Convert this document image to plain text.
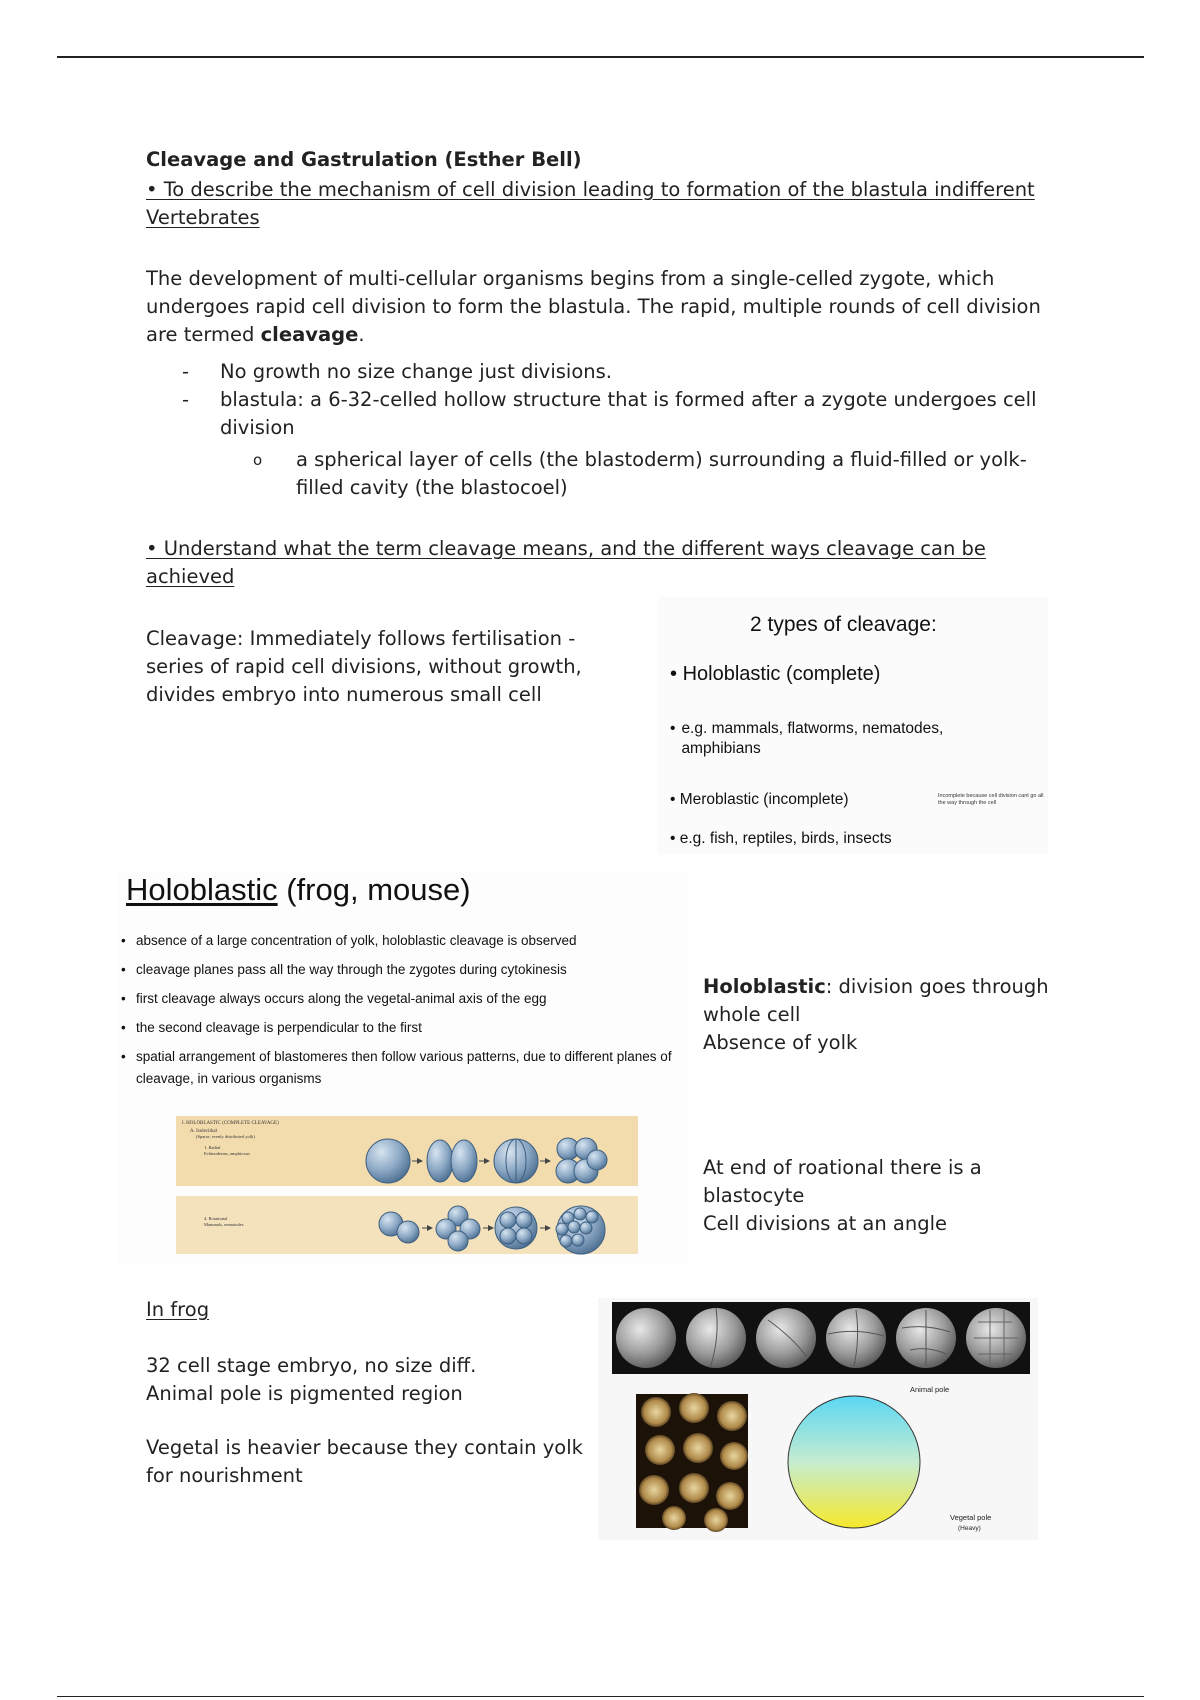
Cleavage and Gastrulation (Esther Bell)
• To describe the mechanism of cell division leading to formation of the blastula indifferent Vertebrates
The development of multi-cellular organisms begins from a single-celled zygote, which undergoes rapid cell division to form the blastula. The rapid, multiple rounds of cell division are termed cleavage.
- No growth no size change just divisions.
- blastula: a 6-32-celled hollow structure that is formed after a zygote undergoes cell division
o	a spherical layer of cells (the blastoderm) surrounding a fluid-filled or yolk-filled cavity (the blastocoel)
• Understand what the term cleavage means, and the different ways cleavage can be achieved
Cleavage: Immediately follows fertilisation - series of rapid cell divisions, without growth, divides embryo into numerous small cell
2 types of cleavage:
• Holoblastic (complete)
• e.g. mammals, flatworms, nematodes, amphibians
• Meroblastic (incomplete)	Incomplete because cell division cant go all the way through the cell
• e.g. fish, reptiles, birds, insects
Holoblastic (frog, mouse)
• absence of a large concentration of yolk, holoblastic cleavage is observed
• cleavage planes pass all the way through the zygotes during cytokinesis
• first cleavage always occurs along the vegetal-animal axis of the egg
• the second cleavage is perpendicular to the first
• spatial arrangement of blastomeres then follow various patterns, due to different planes of cleavage, in various organisms
I. HOLOBLASTIC (COMPLETE CLEAVAGE)
A. Isolecithal
(Sparse, evenly distributed yolk)
1. Radial
Echinoderms, amphioxus
4. Rotational
Mammals, nematodes
Holoblastic: division goes through whole cell
Absence of yolk
At end of roational there is a blastocyte
Cell divisions at an angle
In frog
32 cell stage embryo, no size diff.
Animal pole is pigmented region
Vegetal is heavier because they contain yolk for nourishment
Animal pole
Vegetal pole
(Heavy)
